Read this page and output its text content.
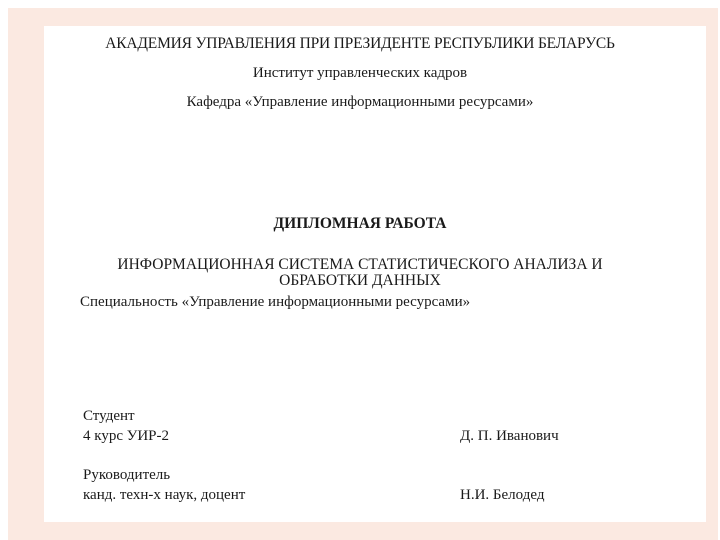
АКАДЕМИЯ УПРАВЛЕНИЯ ПРИ ПРЕЗИДЕНТЕ РЕСПУБЛИКИ БЕЛАРУСЬ
Институт управленческих кадров
Кафедра «Управление информационными ресурсами»
ДИПЛОМНАЯ РАБОТА
ИНФОРМАЦИОННАЯ СИСТЕМА СТАТИСТИЧЕСКОГО АНАЛИЗА И
ОБРАБОТКИ ДАННЫХ
Специальность «Управление информационными ресурсами»
Студент
4 курс УИР-2	Д. П. Иванович
Руководитель
канд. техн-х наук, доцент	Н.И. Белодед
